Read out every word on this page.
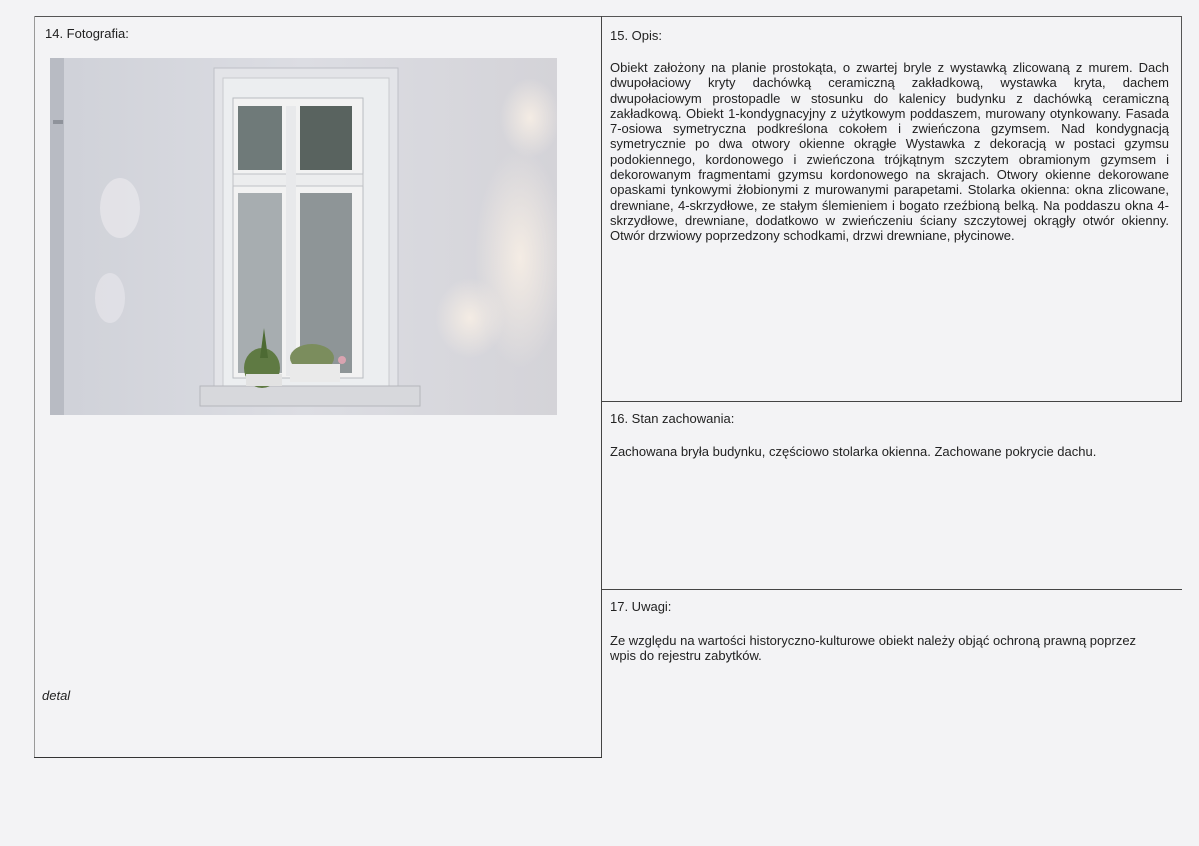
14. Fotografia:
detal
15. Opis:
Obiekt założony na planie prostokąta, o zwartej bryle z wystawką zlicowaną z murem. Dach dwupołaciowy kryty dachówką ceramiczną zakładkową, wystawka kryta, dachem dwupołaciowym prostopadle w stosunku do kalenicy budynku z dachówką ceramiczną zakładkową. Obiekt 1-kondygnacyjny z użytkowym poddaszem, murowany otynkowany. Fasada 7-osiowa symetryczna podkreślona cokołem i zwieńczona gzymsem. Nad kondygnacją symetrycznie po dwa otwory okienne okrągłe Wystawka z dekoracją w postaci gzymsu podokiennego, kordonowego i zwieńczona trójkątnym szczytem obramionym gzymsem i dekorowanym fragmentami gzymsu kordonowego na skrajach. Otwory okienne dekorowane opaskami tynkowymi żłobionymi z murowanymi parapetami. Stolarka okienna: okna zlicowane, drewniane, 4-skrzydłowe, ze stałym ślemieniem i bogato rzeźbioną belką. Na poddaszu okna 4-skrzydłowe, drewniane, dodatkowo w zwieńczeniu ściany szczytowej okrągły otwór okienny. Otwór drzwiowy poprzedzony schodkami, drzwi drewniane, płycinowe.
16. Stan zachowania:
Zachowana bryła budynku, częściowo stolarka okienna. Zachowane pokrycie dachu.
17. Uwagi:
Ze względu na wartości historyczno-kulturowe obiekt należy objąć ochroną prawną poprzez wpis do rejestru zabytków.
